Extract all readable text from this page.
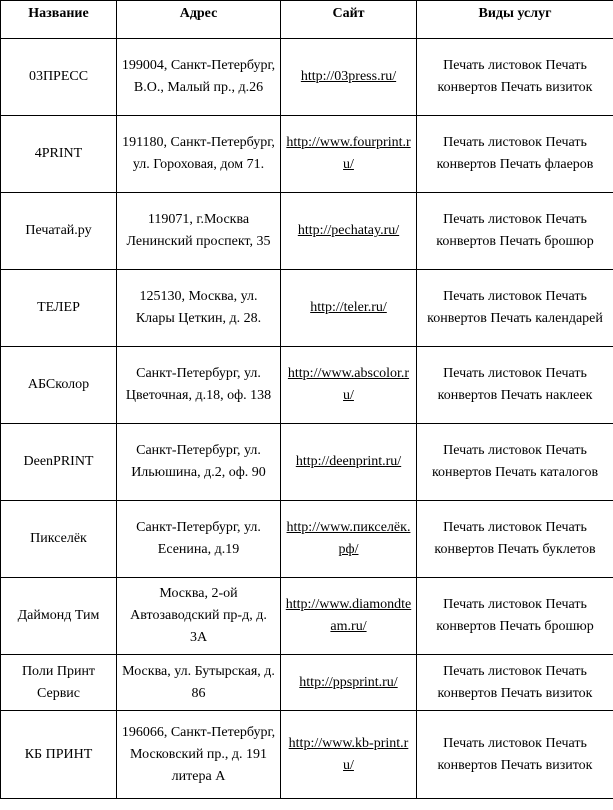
Название	Адрес	Сайт	Виды услуг
03ПРЕСС	199004, Санкт-Петербург, В.О., Малый пр., д.26	http://03press.ru/	Печать листовок Печать конвертов Печать визиток
4PRINT	191180, Санкт-Петербург, ул. Гороховая, дом 71.	http://www.fourprint.ru/	Печать листовок Печать конвертов Печать флаеров
Печатай.ру	119071, г.Москва Ленинский проспект, 35	http://pechatay.ru/	Печать листовок Печать конвертов Печать брошюр
ТЕЛЕР	125130, Москва, ул. Клары Цеткин, д. 28.	http://teler.ru/	Печать листовок Печать конвертов Печать календарей
АБСколор	Санкт-Петербург, ул. Цветочная, д.18, оф. 138	http://www.abscolor.ru/	Печать листовок Печать конвертов Печать наклеек
DeenPRINT	Санкт-Петербург, ул. Ильюшина, д.2, оф. 90	http://deenprint.ru/	Печать листовок Печать конвертов Печать каталогов
Пикселёк	Санкт-Петербург, ул. Есенина, д.19	http://www.пикселёк.рф/	Печать листовок Печать конвертов Печать буклетов
Даймонд Тим	Москва, 2-ой Автозаводский пр-д, д. 3А	http://www.diamondteam.ru/	Печать листовок Печать конвертов Печать брошюр
Поли Принт Сервис	Москва, ул. Бутырская, д. 86	http://ppsprint.ru/	Печать листовок Печать конвертов Печать визиток
КБ ПРИНТ	196066, Санкт-Петербург, Московский пр., д. 191 литера А	http://www.kb-print.ru/	Печать листовок Печать конвертов Печать визиток
